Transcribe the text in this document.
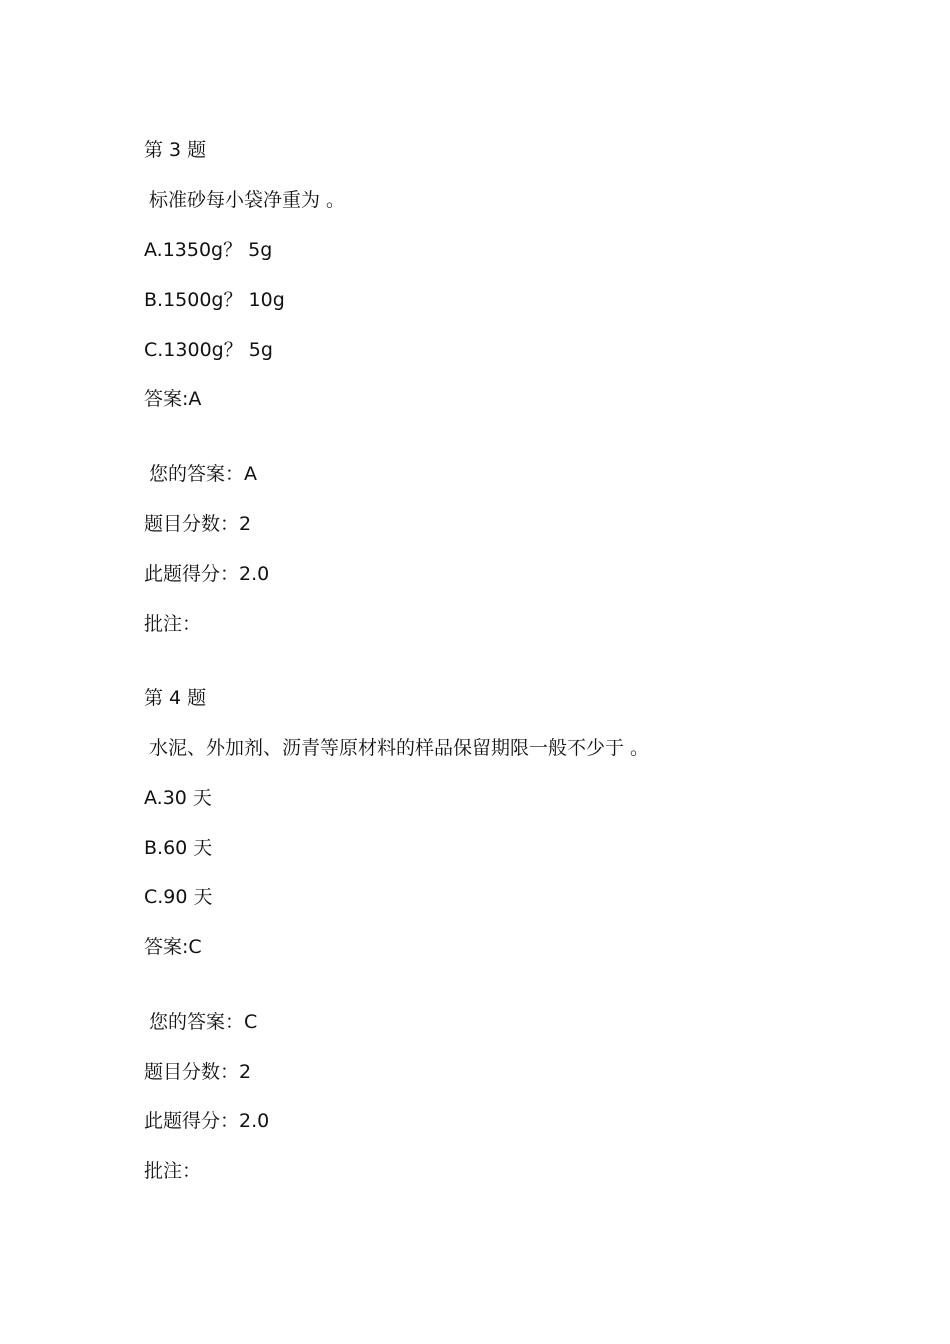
第 3 题
标准砂每小袋净重为 。
A.1350g？ 5g
B.1500g？ 10g
C.1300g？ 5g
答案:A
您的答案：A
题目分数：2
此题得分：2.0
批注：
第 4 题
水泥、外加剂、沥青等原材料的样品保留期限一般不少于 。
A.30 天
B.60 天
C.90 天
答案:C
您的答案：C
题目分数：2
此题得分：2.0
批注：
